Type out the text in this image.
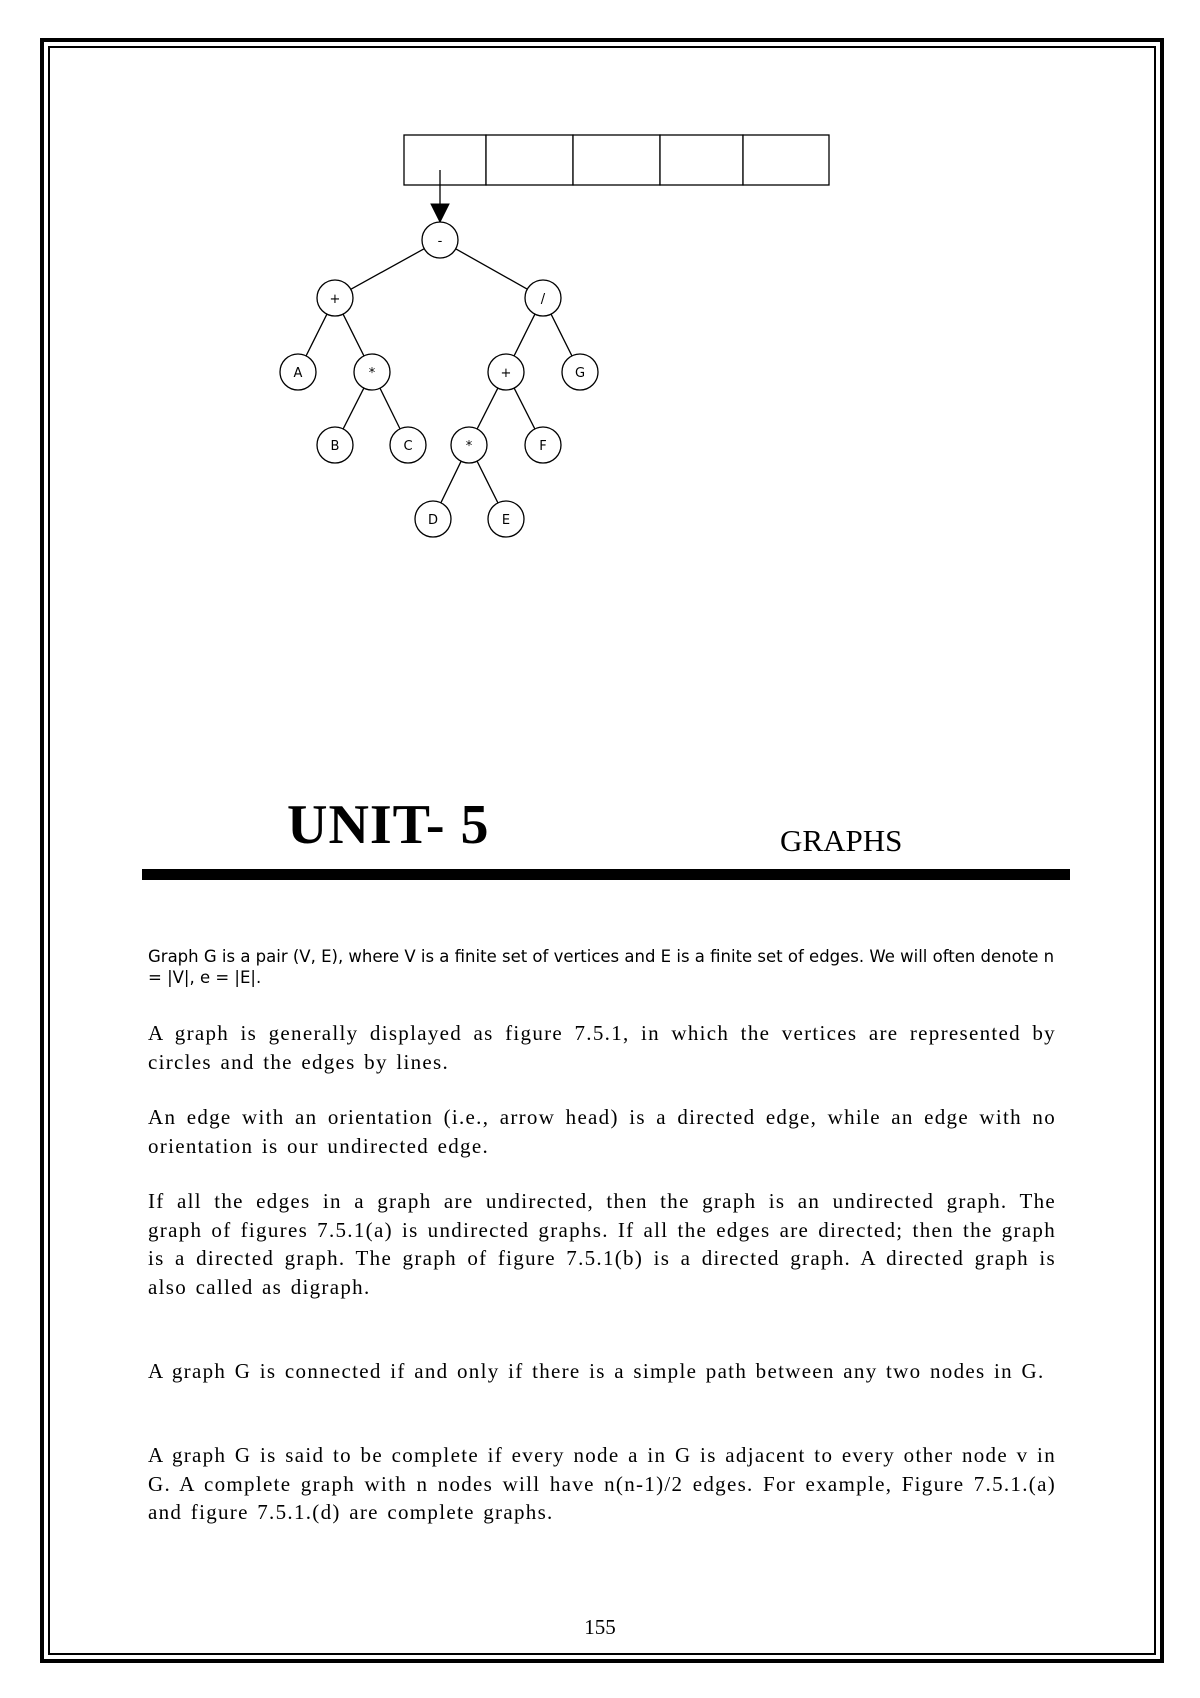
-
+	/
A	*	+	G
B	C	*	F
D	E
UNIT- 5	GRAPHS

Graph G is a pair (V, E), where V is a finite set of vertices and E is a finite set of edges. We will often denote n = |V|, e = |E|.

A graph is generally displayed as figure 7.5.1, in which the vertices are represented by circles and the edges by lines.

An edge with an orientation (i.e., arrow head) is a directed edge, while an edge with no orientation is our undirected edge.

If all the edges in a graph are undirected, then the graph is an undirected graph. The graph of figures 7.5.1(a) is undirected graphs. If all the edges are directed; then the graph is a directed graph. The graph of figure 7.5.1(b) is a directed graph. A directed graph is also called as digraph.

A graph G is connected if and only if there is a simple path between any two nodes in G.

A graph G is said to be complete if every node a in G is adjacent to every other node v in G. A complete graph with n nodes will have n(n-1)/2 edges. For example, Figure 7.5.1.(a) and figure 7.5.1.(d) are complete graphs.

155
